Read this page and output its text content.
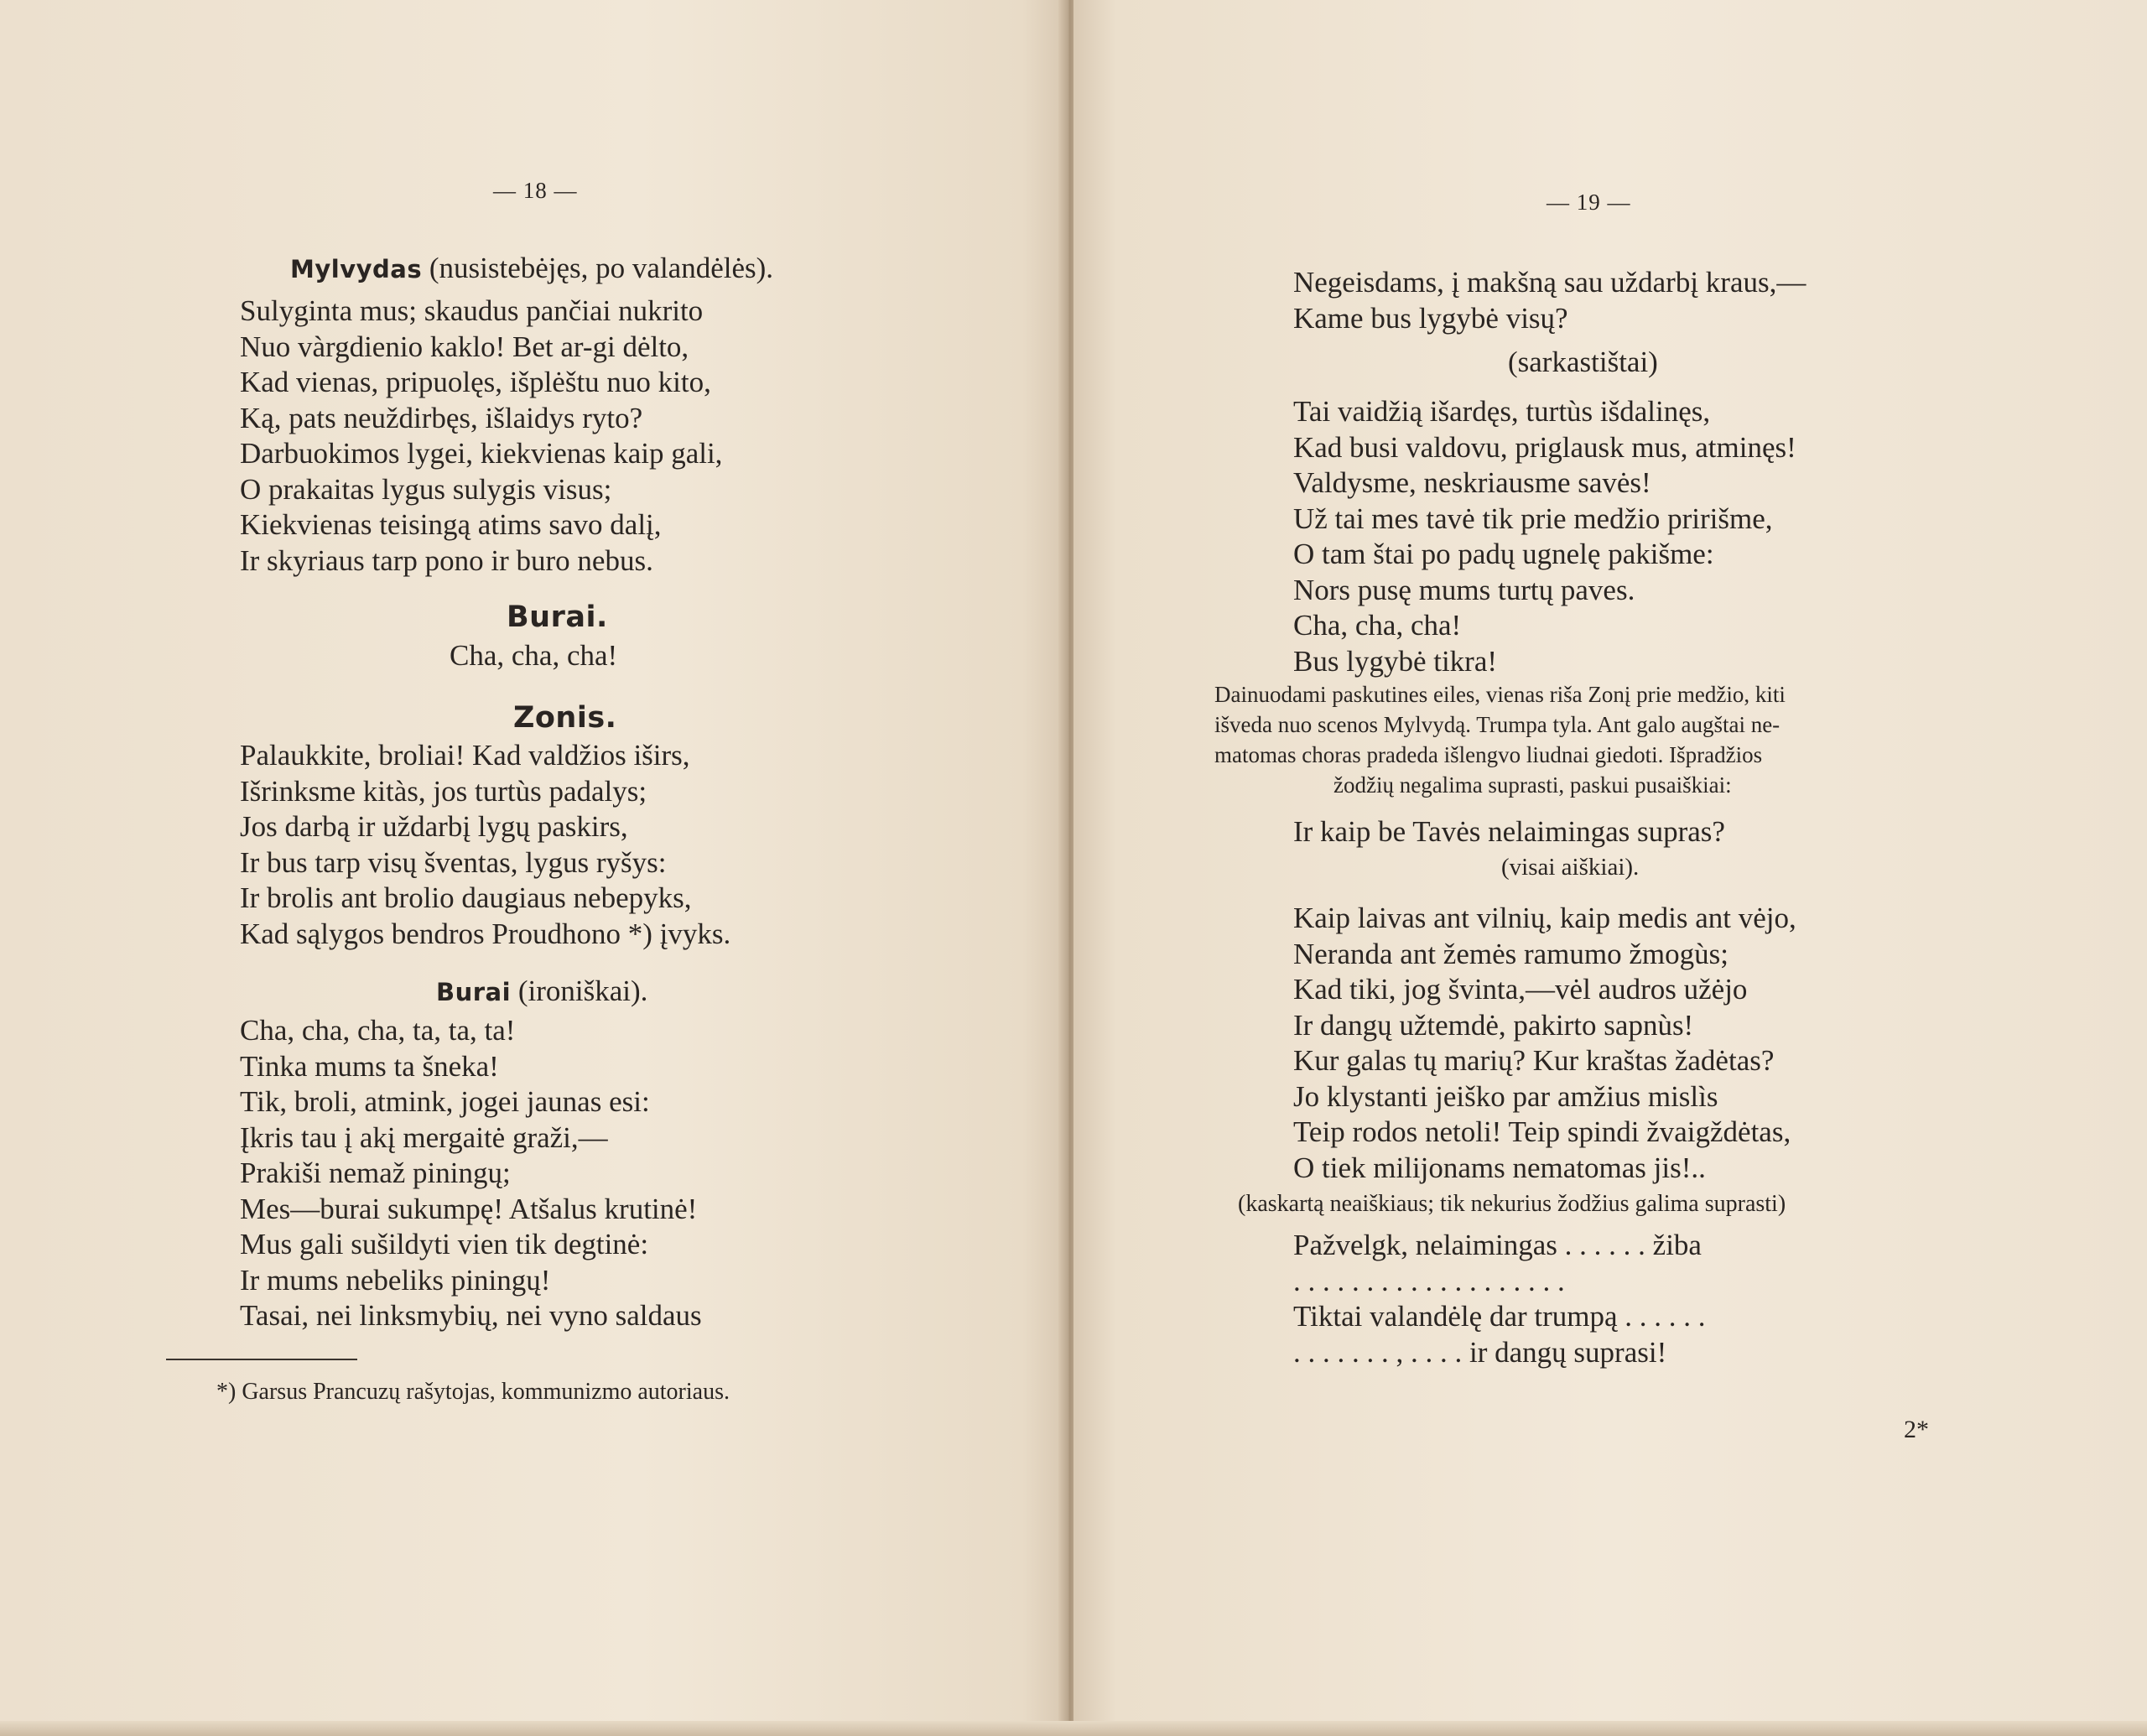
— 18 —
Mylvydas (nusistebėjęs, po valandėlės).
Sulyginta mus; skaudus pančiai nukrito
Nuo vàrgdienio kaklo! Bet ar-gi dėlto,
Kad vienas, pripuolęs, išplėštu nuo kito,
Ką, pats neuždirbęs, išlaidys ryto?
Darbuokimos lygei, kiekvienas kaip gali,
O prakaitas lygus sulygis visus;
Kiekvienas teisingą atims savo dalį,
Ir skyriaus tarp pono ir buro nebus.
Burai.
Cha, cha, cha!
Zonis.
Palaukkite, broliai! Kad valdžios iširs,
Išrinksme kitàs, jos turtùs padalys;
Jos darbą ir uždarbį lygų paskirs,
Ir bus tarp visų šventas, lygus ryšys:
Ir brolis ant brolio daugiaus nebepyks,
Kad sąlygos bendros Proudhono *) įvyks.
Burai (ironiškai).
Cha, cha, cha, ta, ta, ta!
Tinka mums ta šneka!
Tik, broli, atmink, jogei jaunas esi:
Įkris tau į akį mergaitė graži,—
Prakiši nemaž piningų;
Mes—burai sukumpę! Atšalus krutinė!
Mus gali sušildyti vien tik degtinė:
Ir mums nebeliks piningų!
Tasai, nei linksmybių, nei vyno saldaus
*) Garsus Prancuzų rašytojas, kommunizmo autoriaus.
— 19 —
Negeisdams, į makšną sau uždarbį kraus,—
Kame bus lygybė visų?
(sarkastištai)
Tai vaidžią išardęs, turtùs išdalinęs,
Kad busi valdovu, priglausk mus, atminęs!
Valdysme, neskriausme savės!
Už tai mes tavė tik prie medžio pririšme,
O tam štai po padų ugnelę pakišme:
Nors pusę mums turtų paves.
Cha, cha, cha!
Bus lygybė tikra!
Dainuodami paskutines eiles, vienas riša Zonį prie medžio, kiti
išveda nuo scenos Mylvydą. Trumpa tyla. Ant galo augštai ne-
matomas choras pradeda išlengvo liudnai giedoti. Išpradžios
žodžių negalima suprasti, paskui pusaiškiai:
Ir kaip be Tavės nelaimingas supras?
(visai aiškiai).
Kaip laivas ant vilnių, kaip medis ant vėjo,
Neranda ant žemės ramumo žmogùs;
Kad tiki, jog švinta,—vėl audros užėjo
Ir dangų užtemdė, pakirto sapnùs!
Kur galas tų marių? Kur kraštas žadėtas?
Jo klystanti jeiško par amžius mislìs
Teip rodos netoli! Teip spindi žvaigždėtas,
O tiek milijonams nematomas jis!..
(kaskartą neaiškiaus; tik nekurius žodžius galima suprasti)
Pažvelgk, nelaimingas . . . . . . žiba
. . . . . . . . . . . . . . . . . . .
Tiktai valandėlę dar trumpą . . . . . .
. . . . . . . , . . . . ir dangų suprasi!
2*
